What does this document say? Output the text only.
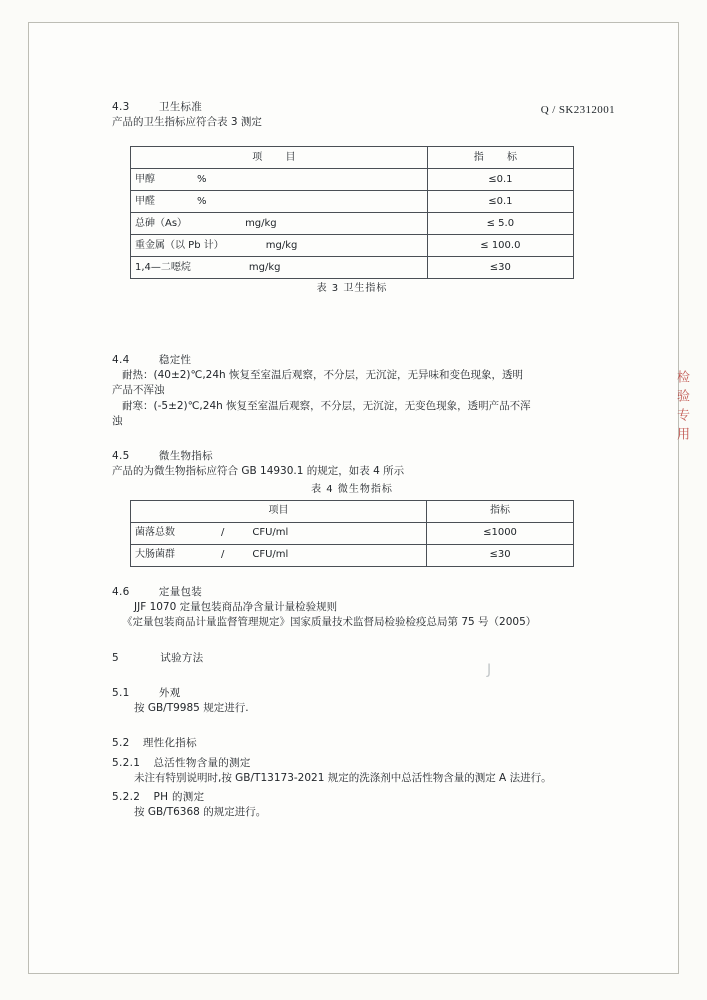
Q / SK2312001
检验专用
J
4.3	卫生标准
产品的卫生指标应符合表 3 测定
项 目	指 标
甲醇 %	≤0.1
甲醛 %	≤0.1
总砷（As） mg/kg	≤ 5.0
重金属（以 Pb 计） mg/kg	≤ 100.0
1,4—二噁烷 mg/kg	≤30
表 3 卫生指标
4.4	稳定性
耐热：(40±2)℃,24h 恢复至室温后观察，不分层，无沉淀，无异味和变色现象，透明
产品不浑浊
耐寒：(-5±2)℃,24h 恢复至室温后观察，不分层，无沉淀，无变色现象，透明产品不浑
浊
4.5	微生物指标
产品的为微生物指标应符合 GB 14930.1 的规定，如表 4 所示
表 4 微生物指标
项目	指标
菌落总数 / CFU/ml	≤1000
大肠菌群 / CFU/ml	≤30
4.6	定量包装
JJF 1070 定量包装商品净含量计量检验规则
《定量包装商品计量监督管理规定》国家质量技术监督局检验检疫总局第 75 号（2005）
5	试验方法
5.1	外观
按 GB/T9985 规定进行.
5.2 理性化指标
5.2.1 总活性物含量的测定
未注有特别说明时,按 GB/T13173-2021 规定的洗涤剂中总活性物含量的测定 A 法进行。
5.2.2 PH 的测定
按 GB/T6368 的规定进行。
